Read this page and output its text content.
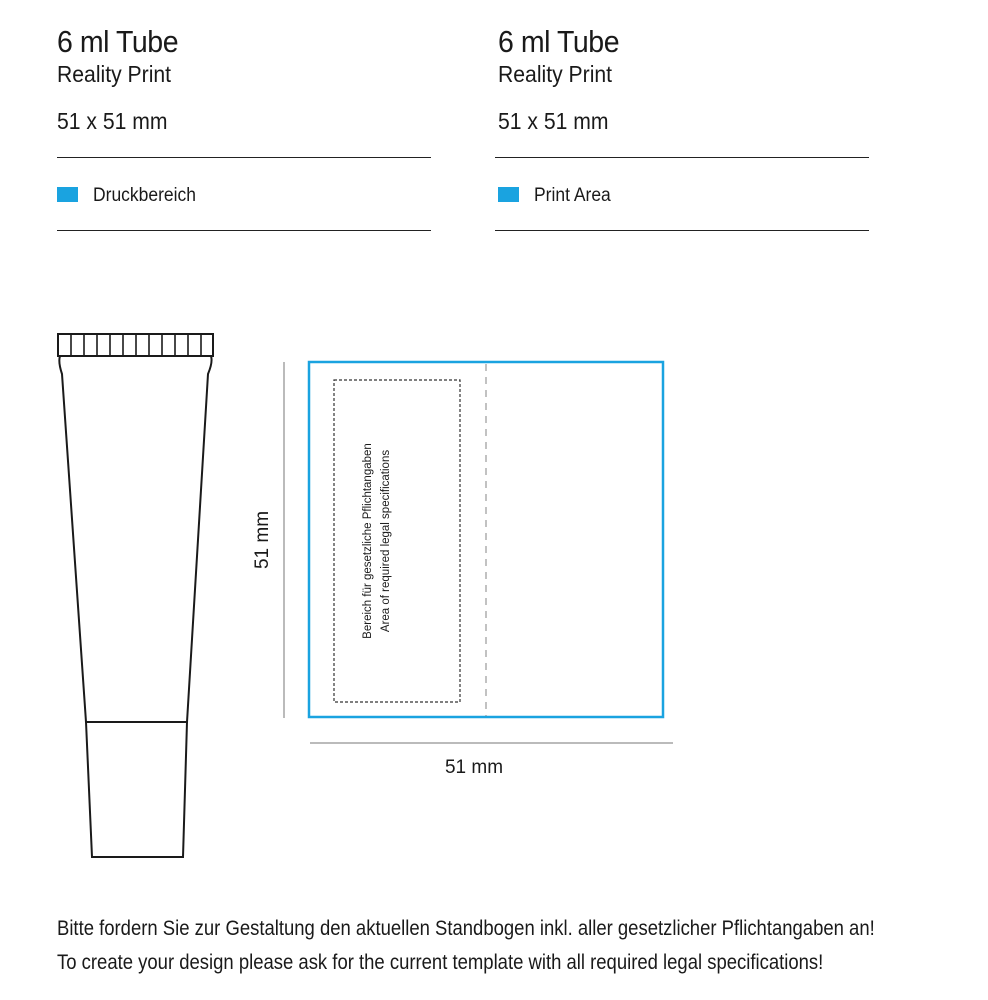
6 ml Tube
Reality Print
51 x 51 mm
Druckbereich
6 ml Tube
Reality Print
51 x 51 mm
Print Area
51 mm	Bereich für gesetzliche Pflichtangaben Area of required legal specifications
51 mm
Bitte fordern Sie zur Gestaltung den aktuellen Standbogen inkl. aller gesetzlicher Pflichtangaben an!
To create your design please ask for the current template with all required legal specifications!
